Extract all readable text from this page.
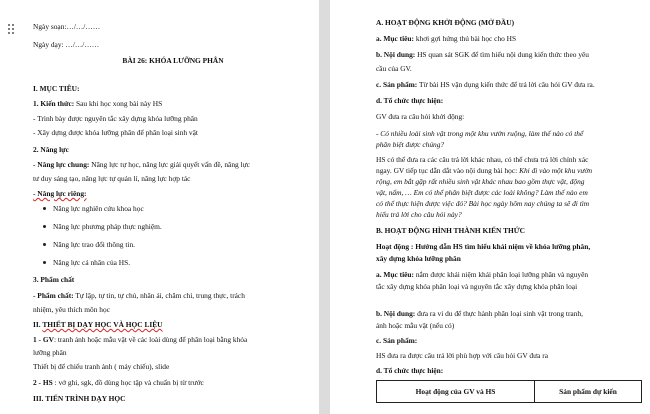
Ngày soạn:…/…/……
Ngày dạy: …/…/……
BÀI 26: KHÓA LƯỠNG PHÂN
I. MỤC TIÊU:
1. Kiến thức: Sau khi học xong bài này HS
- Trình bày được nguyên tắc xây dựng khóa lưỡng phân
- Xây dựng được khóa lưỡng phân để phân loại sinh vật
2. Năng lực
- Năng lực chung: Năng lực tự học, năng lực giải quyết vấn đề, năng lực
tư duy sáng tạo, năng lực tự quản lí, năng lực hợp tác
- Năng lực riêng:
Năng lực nghiên cứu khoa học
Năng lực phương pháp thực nghiệm.
Năng lực trao đổi thông tin.
Năng lực cá nhân của HS.
3. Phẩm chất
- Phẩm chất: Tự lập, tự tin, tự chủ, nhân ái, chăm chỉ, trung thực, trách
nhiệm, yêu thích môn học
II. THIẾT BỊ DẠY HỌC VÀ HỌC LIỆU
1 - GV: tranh ảnh hoặc mẫu vật về các loài dùng để phân loại bằng khóa
lưỡng phân
Thiết bị để chiếu tranh ảnh ( máy chiếu), slide
2 - HS : vở ghi, sgk, đồ dùng học tập và chuẩn bị từ trước
III. TIẾN TRÌNH DẠY HỌC
A. HOẠT ĐỘNG KHỞI ĐỘNG (MỞ ĐẦU)
a. Mục tiêu: khơi gợi hứng thú bài học cho HS
b. Nội dung: HS quan sát SGK để tìm hiểu nội dung kiến thức theo yêu
cầu của GV.
c. Sản phẩm: Từ bài HS vận dụng kiến thức để trả lời câu hỏi GV đưa ra.
d. Tổ chức thực hiện:
GV đưa ra câu hỏi khởi động:
- Có nhiều loài sinh vật trong một khu vườn ruộng, làm thế nào có thể
phân biệt được chúng?
HS có thể đưa ra các câu trả lời khác nhau, có thể chưa trả lời chính xác
ngay. GV tiếp tục dẫn dắt vào nội dung bài học: Khi đi vào một khu vườn
rộng, em bắt gặp rất nhiều sinh vật khác nhau bao gồm thực vật, động
vật, nấm, … Em có thể phân biệt được các loài không? Làm thế nào em
có thể thực hiện được việc đó? Bài học ngày hôm nay chúng ta sẽ đi tìm
hiểu trả lời cho câu hỏi này?
B. HOẠT ĐỘNG HÌNH THÀNH KIẾN THỨC
Hoạt động : Hướng dẫn HS tìm hiểu khái niệm về khóa lưỡng phân,
xây dựng khóa lưỡng phân
a. Mục tiêu: nắm được khái niệm khái phân loại lưỡng phân và nguyên
tắc xây dựng khóa phân loại và nguyên tắc xây dựng khóa phân loại
b. Nội dung: đưa ra vi du để thực hành phân loại sinh vật trong tranh,
ảnh hoặc mẫu vật (nếu có)
c. Sản phẩm:
HS đưa ra được câu trả lời phù hợp với câu hỏi GV đưa ra
d. Tổ chức thực hiện:
Hoạt động của GV và HS	Sản phẩm dự kiến
